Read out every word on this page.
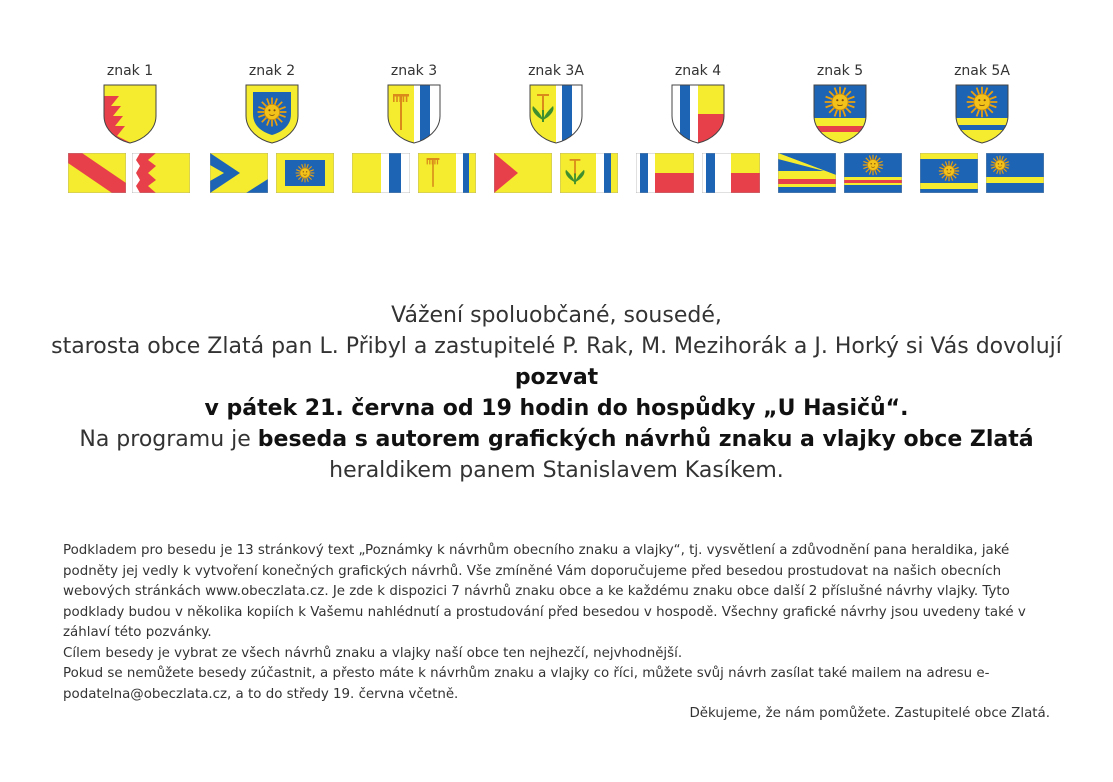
znak 1	znak 2	znak 3	znak 3A	znak 4	znak 5	znak 5A
Vážení spoluobčané, sousedé,
starosta obce Zlatá pan L. Přibyl a zastupitelé P. Rak, M. Mezihorák a J. Horký si Vás dovolují
pozvat
v pátek 21. června od 19 hodin do hospůdky „U Hasičů“.
Na programu je beseda s autorem grafických návrhů znaku a vlajky obce Zlatá
heraldikem panem Stanislavem Kasíkem.

Podkladem pro besedu je 13 stránkový text „Poznámky k návrhům obecního znaku a vlajky“, tj. vysvětlení a zdůvodnění pana heraldika, jaké podněty jej vedly k vytvoření konečných grafických návrhů. Vše zmíněné Vám doporučujeme před besedou prostudovat na našich obecních webových stránkách www.obeczlata.cz. Je zde k dispozici 7 návrhů znaku obce a ke každému znaku obce další 2 příslušné návrhy vlajky. Tyto podklady budou v několika kopiích k Vašemu nahlédnutí a prostudování před besedou v hospodě. Všechny grafické návrhy jsou uvedeny také v záhlaví této pozvánky.

Cílem besedy je vybrat ze všech návrhů znaku a vlajky naší obce ten nejhezčí, nejvhodnější.

Pokud se nemůžete besedy zúčastnit, a přesto máte k návrhům znaku a vlajky co říci, můžete svůj návrh zasílat také mailem na adresu e-podatelna@obeczlata.cz, a to do středy 19. června včetně.

Děkujeme, že nám pomůžete. Zastupitelé obce Zlatá.
